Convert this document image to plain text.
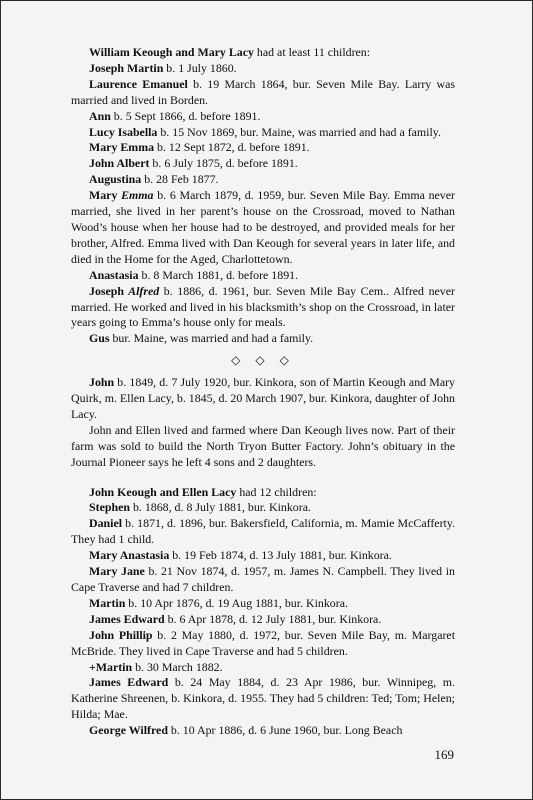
William Keough and Mary Lacy had at least 11 children:

Joseph Martin b. 1 July 1860.

Laurence Emanuel b. 19 March 1864, bur. Seven Mile Bay. Larry was married and lived in Borden.

Ann b. 5 Sept 1866, d. before 1891.

Lucy Isabella b. 15 Nov 1869, bur. Maine, was married and had a family.

Mary Emma b. 12 Sept 1872, d. before 1891.

John Albert b. 6 July 1875, d. before 1891.

Augustina b. 28 Feb 1877.

Mary Emma b. 6 March 1879, d. 1959, bur. Seven Mile Bay. Emma never married, she lived in her parent’s house on the Crossroad, moved to Nathan Wood’s house when her house had to be destroyed, and provided meals for her brother, Alfred. Emma lived with Dan Keough for several years in later life, and died in the Home for the Aged, Charlottetown.

Anastasia b. 8 March 1881, d. before 1891.

Joseph Alfred b. 1886, d. 1961, bur. Seven Mile Bay Cem.. Alfred never married. He worked and lived in his blacksmith’s shop on the Crossroad, in later years going to Emma’s house only for meals.

Gus bur. Maine, was married and had a family.

◇ ◇ ◇

John b. 1849, d. 7 July 1920, bur. Kinkora, son of Martin Keough and Mary Quirk, m. Ellen Lacy, b. 1845, d. 20 March 1907, bur. Kinkora, daughter of John Lacy.

John and Ellen lived and farmed where Dan Keough lives now. Part of their farm was sold to build the North Tryon Butter Factory. John’s obituary in the Journal Pioneer says he left 4 sons and 2 daughters.

John Keough and Ellen Lacy had 12 children:

Stephen b. 1868, d. 8 July 1881, bur. Kinkora.

Daniel b. 1871, d. 1896, bur. Bakersfield, California, m. Mamie McCafferty. They had 1 child.

Mary Anastasia b. 19 Feb 1874, d. 13 July 1881, bur. Kinkora.

Mary Jane b. 21 Nov 1874, d. 1957, m. James N. Campbell. They lived in Cape Traverse and had 7 children.

Martin b. 10 Apr 1876, d. 19 Aug 1881, bur. Kinkora.

James Edward b. 6 Apr 1878, d. 12 July 1881, bur. Kinkora.

John Phillip b. 2 May 1880, d. 1972, bur. Seven Mile Bay, m. Margaret McBride. They lived in Cape Traverse and had 5 children.

+Martin b. 30 March 1882.

James Edward b. 24 May 1884, d. 23 Apr 1986, bur. Winnipeg, m. Katherine Shreenen, b. Kinkora, d. 1955. They had 5 children: Ted; Tom; Helen; Hilda; Mae.

George Wilfred b. 10 Apr 1886, d. 6 June 1960, bur. Long Beach

169
